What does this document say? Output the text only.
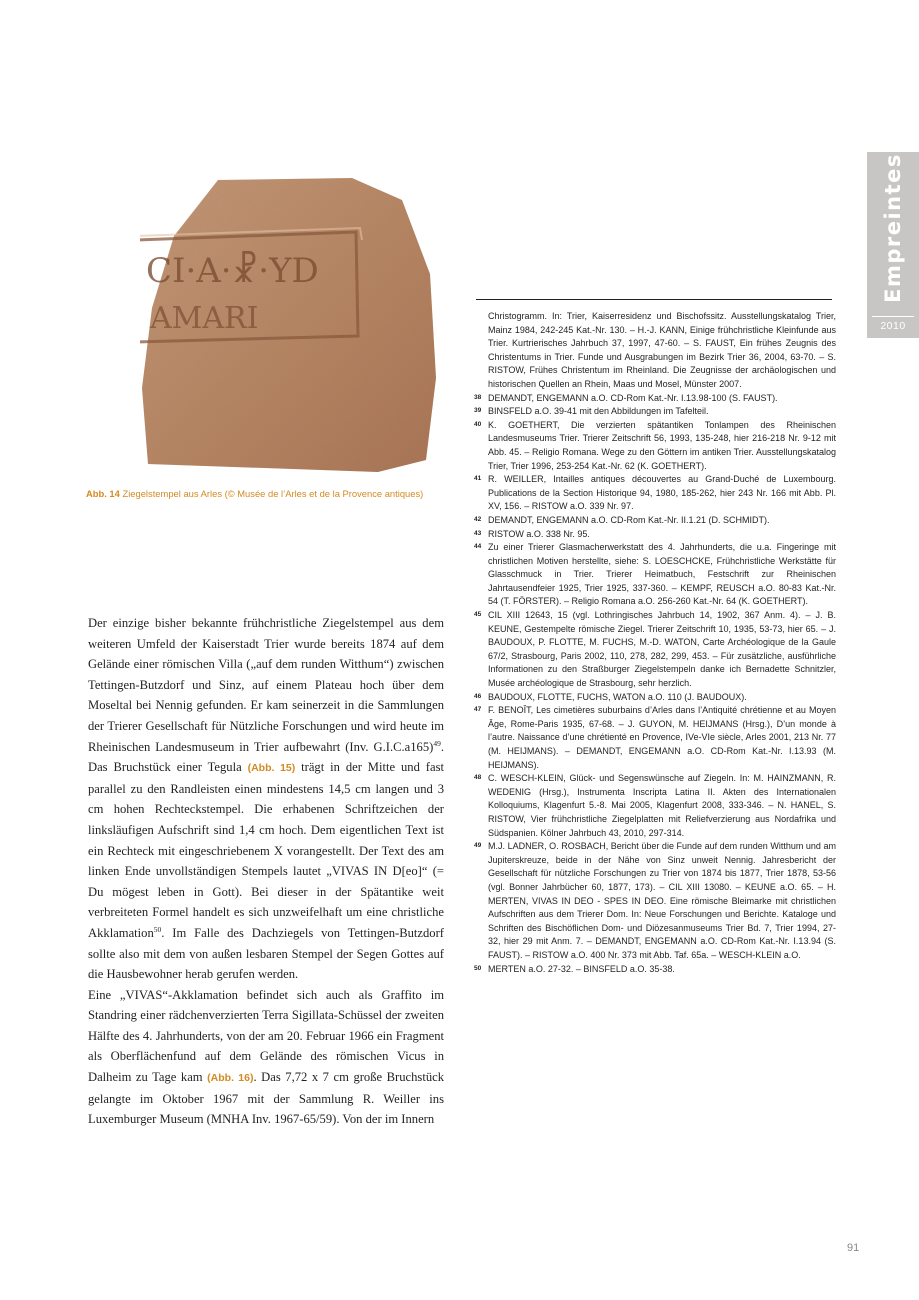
CI·A·☧·YD
AMARI
Abb. 14 Ziegelstempel aus Arles (© Musée de l’Arles et de la Provence antiques)
Empreintes
2010

Der einzige bisher bekannte frühchristliche Ziegelstempel aus dem weiteren Umfeld der Kaiserstadt Trier wurde bereits 1874 auf dem Gelände einer römischen Villa („auf dem runden Witthum“) zwischen Tettingen-Butzdorf und Sinz, auf einem Plateau hoch über dem Moseltal bei Nennig gefunden. Er kam seinerzeit in die Sammlungen der Trierer Gesellschaft für Nützliche Forschungen und wird heute im Rheinischen Landesmuseum in Trier aufbewahrt (Inv. G.I.C.a165)$^{49}$. Das Bruchstück einer Tegula (Abb. 15) trägt in der Mitte und fast parallel zu den Randleisten einen mindestens 14,5 cm langen und 3 cm hohen Rechteckstempel. Die erhabenen Schriftzeichen der linksläufigen Aufschrift sind 1,4 cm hoch. Dem eigentlichen Text ist ein Rechteck mit eingeschriebenem X vorangestellt. Der Text des am linken Ende unvollständigen Stempels lautet „VIVAS IN D[eo]“ (= Du mögest leben in Gott). Bei dieser in der Spätantike weit verbreiteten Formel handelt es sich unzweifelhaft um eine christliche Akklamation$^{50}$. Im Falle des Dachziegels von Tettingen-Butzdorf sollte also mit dem von außen lesbaren Stempel der Segen Gottes auf die Hausbewohner herab gerufen werden.

Eine „VIVAS“-Akklamation befindet sich auch als Graffito im Standring einer rädchenverzierten Terra Sigillata-Schüssel der zweiten Hälfte des 4. Jahrhunderts, von der am 20. Februar 1966 ein Fragment als Oberflächenfund auf dem Gelände des römischen Vicus in Dalheim zu Tage kam (Abb. 16). Das 7,72 x 7 cm große Bruchstück gelangte im Oktober 1967 mit der Sammlung R. Weiller ins Luxemburger Museum (MNHA Inv. 1967-65/59). Von der im Innern

Christogramm. In: Trier, Kaiserresidenz und Bischofssitz. Ausstellungskatalog Trier, Mainz 1984, 242-245 Kat.-Nr. 130. – H.-J. KANN, Einige frühchristliche Kleinfunde aus Trier. Kurtrierisches Jahrbuch 37, 1997, 47-60. – S. FAUST, Ein frühes Zeugnis des Christentums in Trier. Funde und Ausgrabungen im Bezirk Trier 36, 2004, 63-70. – S. RISTOW, Frühes Christentum im Rheinland. Die Zeugnisse der archäologischen und historischen Quellen an Rhein, Maas und Mosel, Münster 2007.
38 DEMANDT, ENGEMANN a.O. CD-Rom Kat.-Nr. I.13.98-100 (S. FAUST).
39 BINSFELD a.O. 39-41 mit den Abbildungen im Tafelteil.
40 K. GOETHERT, Die verzierten spätantiken Tonlampen des Rheinischen Landesmuseums Trier. Trierer Zeitschrift 56, 1993, 135-248, hier 216-218 Nr. 9-12 mit Abb. 45. – Religio Romana. Wege zu den Göttern im antiken Trier. Ausstellungskatalog Trier, Trier 1996, 253-254 Kat.-Nr. 62 (K. GOETHERT).
41 R. WEILLER, Intailles antiques découvertes au Grand-Duché de Luxembourg. Publications de la Section Historique 94, 1980, 185-262, hier 243 Nr. 166 mit Abb. Pl. XV, 156. – RISTOW a.O. 339 Nr. 97.
42 DEMANDT, ENGEMANN a.O. CD-Rom Kat.-Nr. II.1.21 (D. SCHMIDT).
43 RISTOW a.O. 338 Nr. 95.
44 Zu einer Trierer Glasmacherwerkstatt des 4. Jahrhunderts, die u.a. Fingeringe mit christlichen Motiven herstellte, siehe: S. LOESCHCKE, Frühchristliche Werkstätte für Glasschmuck in Trier. Trierer Heimatbuch, Festschrift zur Rheinischen Jahrtausendfeier 1925, Trier 1925, 337-360. – KEMPF, REUSCH a.O. 80-83 Kat.-Nr. 54 (T. FÖRSTER). – Religio Romana a.O. 256-260 Kat.-Nr. 64 (K. GOETHERT).
45 CIL XIII 12643, 15 (vgl. Lothringisches Jahrbuch 14, 1902, 367 Anm. 4). – J. B. KEUNE, Gestempelte römische Ziegel. Trierer Zeitschrift 10, 1935, 53-73, hier 65. – J. BAUDOUX, P. FLOTTE, M. FUCHS, M.-D. WATON, Carte Archéologique de la Gaule 67/2, Strasbourg, Paris 2002, 110, 278, 282, 299, 453. – Für zusätzliche, ausführliche Informationen zu den Straßburger Ziegelstempeln danke ich Bernadette Schnitzler, Musée archéologique de Strasbourg, sehr herzlich.
46 BAUDOUX, FLOTTE, FUCHS, WATON a.O. 110 (J. BAUDOUX).
47 F. BENOÎT, Les cimetières suburbains d’Arles dans l’Antiquité chrétienne et au Moyen Âge, Rome-Paris 1935, 67-68. – J. GUYON, M. HEIJMANS (Hrsg.), D’un monde à l’autre. Naissance d’une chrétienté en Provence, IVe-VIe siècle, Arles 2001, 213 Nr. 77 (M. HEIJMANS). – DEMANDT, ENGEMANN a.O. CD-Rom Kat.-Nr. I.13.93 (M. HEIJMANS).
48 C. WESCH-KLEIN, Glück- und Segenswünsche auf Ziegeln. In: M. HAINZMANN, R. WEDENIG (Hrsg.), Instrumenta Inscripta Latina II. Akten des Internationalen Kolloquiums, Klagenfurt 5.-8. Mai 2005, Klagenfurt 2008, 333-346. – N. HANEL, S. RISTOW, Vier frühchristliche Ziegelplatten mit Reliefverzierung aus Nordafrika und Südspanien. Kölner Jahrbuch 43, 2010, 297-314.
49 M.J. LADNER, O. ROSBACH, Bericht über die Funde auf dem runden Witthum und am Jupiterskreuze, beide in der Nähe von Sinz unweit Nennig. Jahresbericht der Gesellschaft für nützliche Forschungen zu Trier von 1874 bis 1877, Trier 1878, 53-56 (vgl. Bonner Jahrbücher 60, 1877, 173). – CIL XIII 13080. – KEUNE a.O. 65. – H. MERTEN, VIVAS IN DEO - SPES IN DEO. Eine römische Bleimarke mit christlichen Aufschriften aus dem Trierer Dom. In: Neue Forschungen und Berichte. Kataloge und Schriften des Bischöflichen Dom- und Diözesanmuseums Trier Bd. 7, Trier 1994, 27-32, hier 29 mit Anm. 7. – DEMANDT, ENGEMANN a.O. CD-Rom Kat.-Nr. I.13.94 (S. FAUST). – RISTOW a.O. 400 Nr. 373 mit Abb. Taf. 65a. – WESCH-KLEIN a.O.
50 MERTEN a.O. 27-32. – BINSFELD a.O. 35-38.
91
